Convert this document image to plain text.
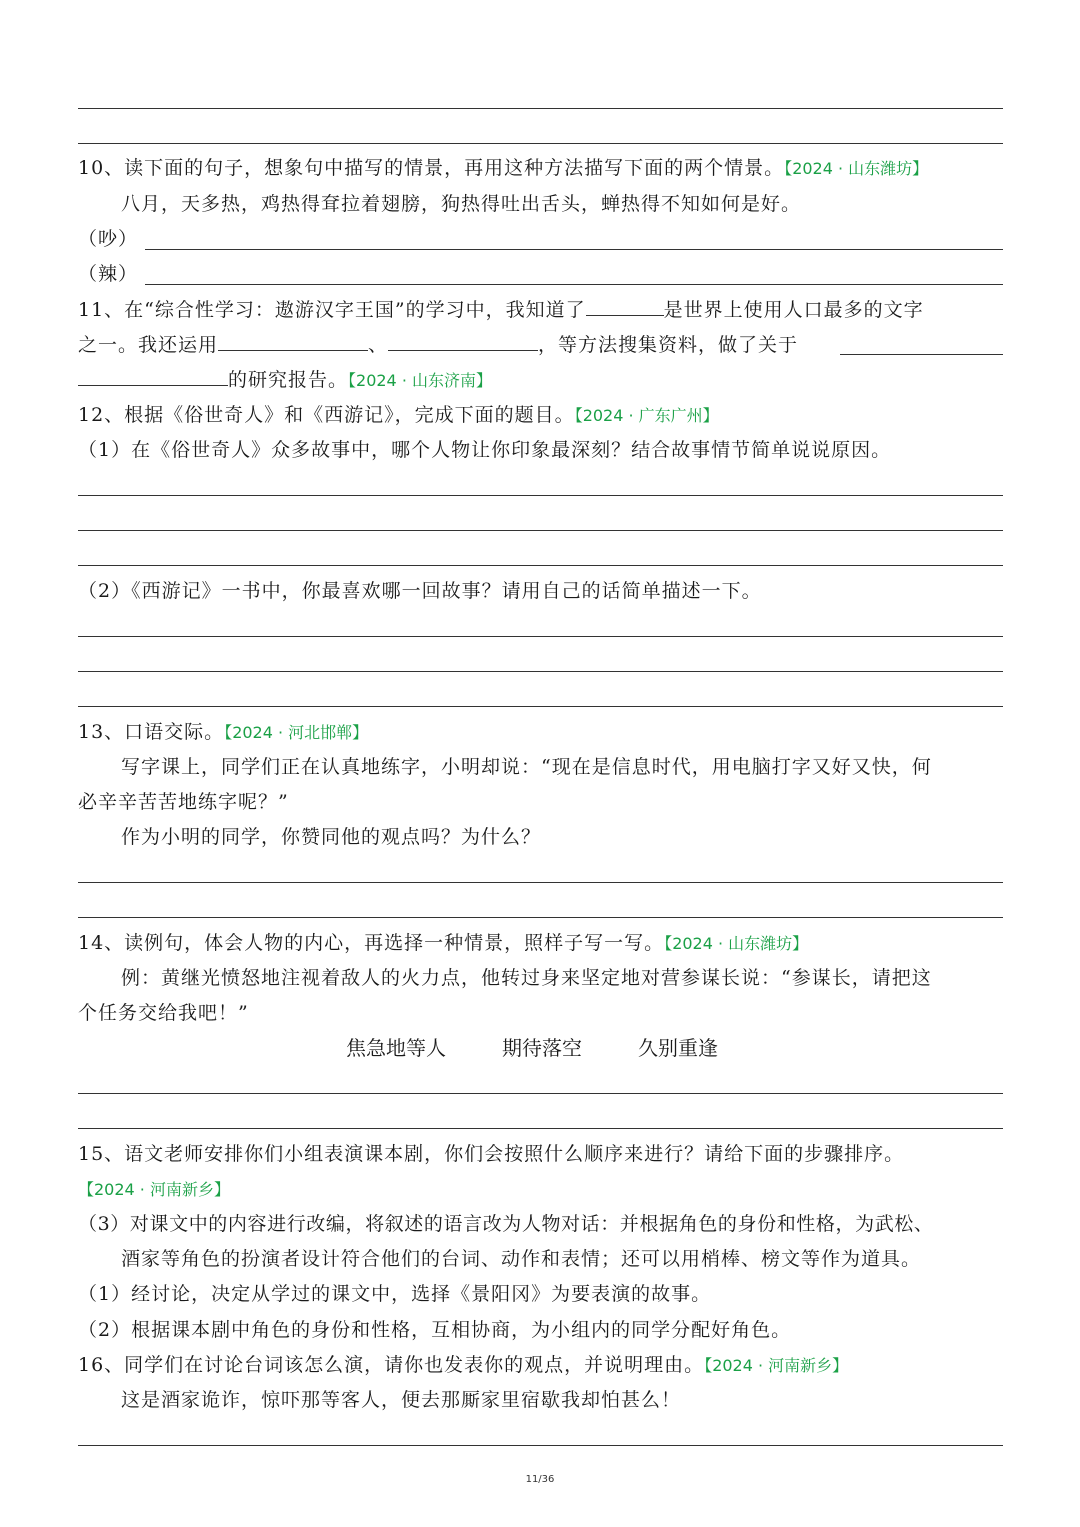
10、读下面的句子，想象句中描写的情景，再用这种方法描写下面的两个情景。【2024 · 山东潍坊】
八月，天多热，鸡热得耷拉着翅膀，狗热得吐出舌头，蝉热得不知如何是好。
（吵）
（辣）
11、在“综合性学习：遨游汉字王国”的学习中，我知道了	是世界上使用人口最多的文字
之一。我还运用	、	，等方法搜集资料，做了关于
的研究报告。【2024 · 山东济南】
12、根据《俗世奇人》和《西游记》，完成下面的题目。【2024 · 广东广州】
（1）在《俗世奇人》众多故事中，哪个人物让你印象最深刻？结合故事情节简单说说原因。
（2）《西游记》一书中，你最喜欢哪一回故事？请用自己的话简单描述一下。
13、口语交际。【2024 · 河北邯郸】
写字课上，同学们正在认真地练字，小明却说：“现在是信息时代，用电脑打字又好又快，何
必辛辛苦苦地练字呢？”
作为小明的同学，你赞同他的观点吗？为什么？
14、读例句，体会人物的内心，再选择一种情景，照样子写一写。【2024 · 山东潍坊】
例：黄继光愤怒地注视着敌人的火力点，他转过身来坚定地对营参谋长说：“参谋长，请把这
个任务交给我吧！”
焦急地等人	期待落空	久别重逢
15、语文老师安排你们小组表演课本剧，你们会按照什么顺序来进行？请给下面的步骤排序。
【2024 · 河南新乡】
（3）对课文中的内容进行改编，将叙述的语言改为人物对话：并根据角色的身份和性格，为武松、
酒家等角色的扮演者设计符合他们的台词、动作和表情；还可以用梢棒、榜文等作为道具。
（1）经讨论，决定从学过的课文中，选择《景阳冈》为要表演的故事。
（2）根据课本剧中角色的身份和性格，互相协商，为小组内的同学分配好角色。
16、同学们在讨论台词该怎么演，请你也发表你的观点，并说明理由。【2024 · 河南新乡】
这是酒家诡诈，惊吓那等客人，便去那厮家里宿歇我却怕甚么！
11/36
